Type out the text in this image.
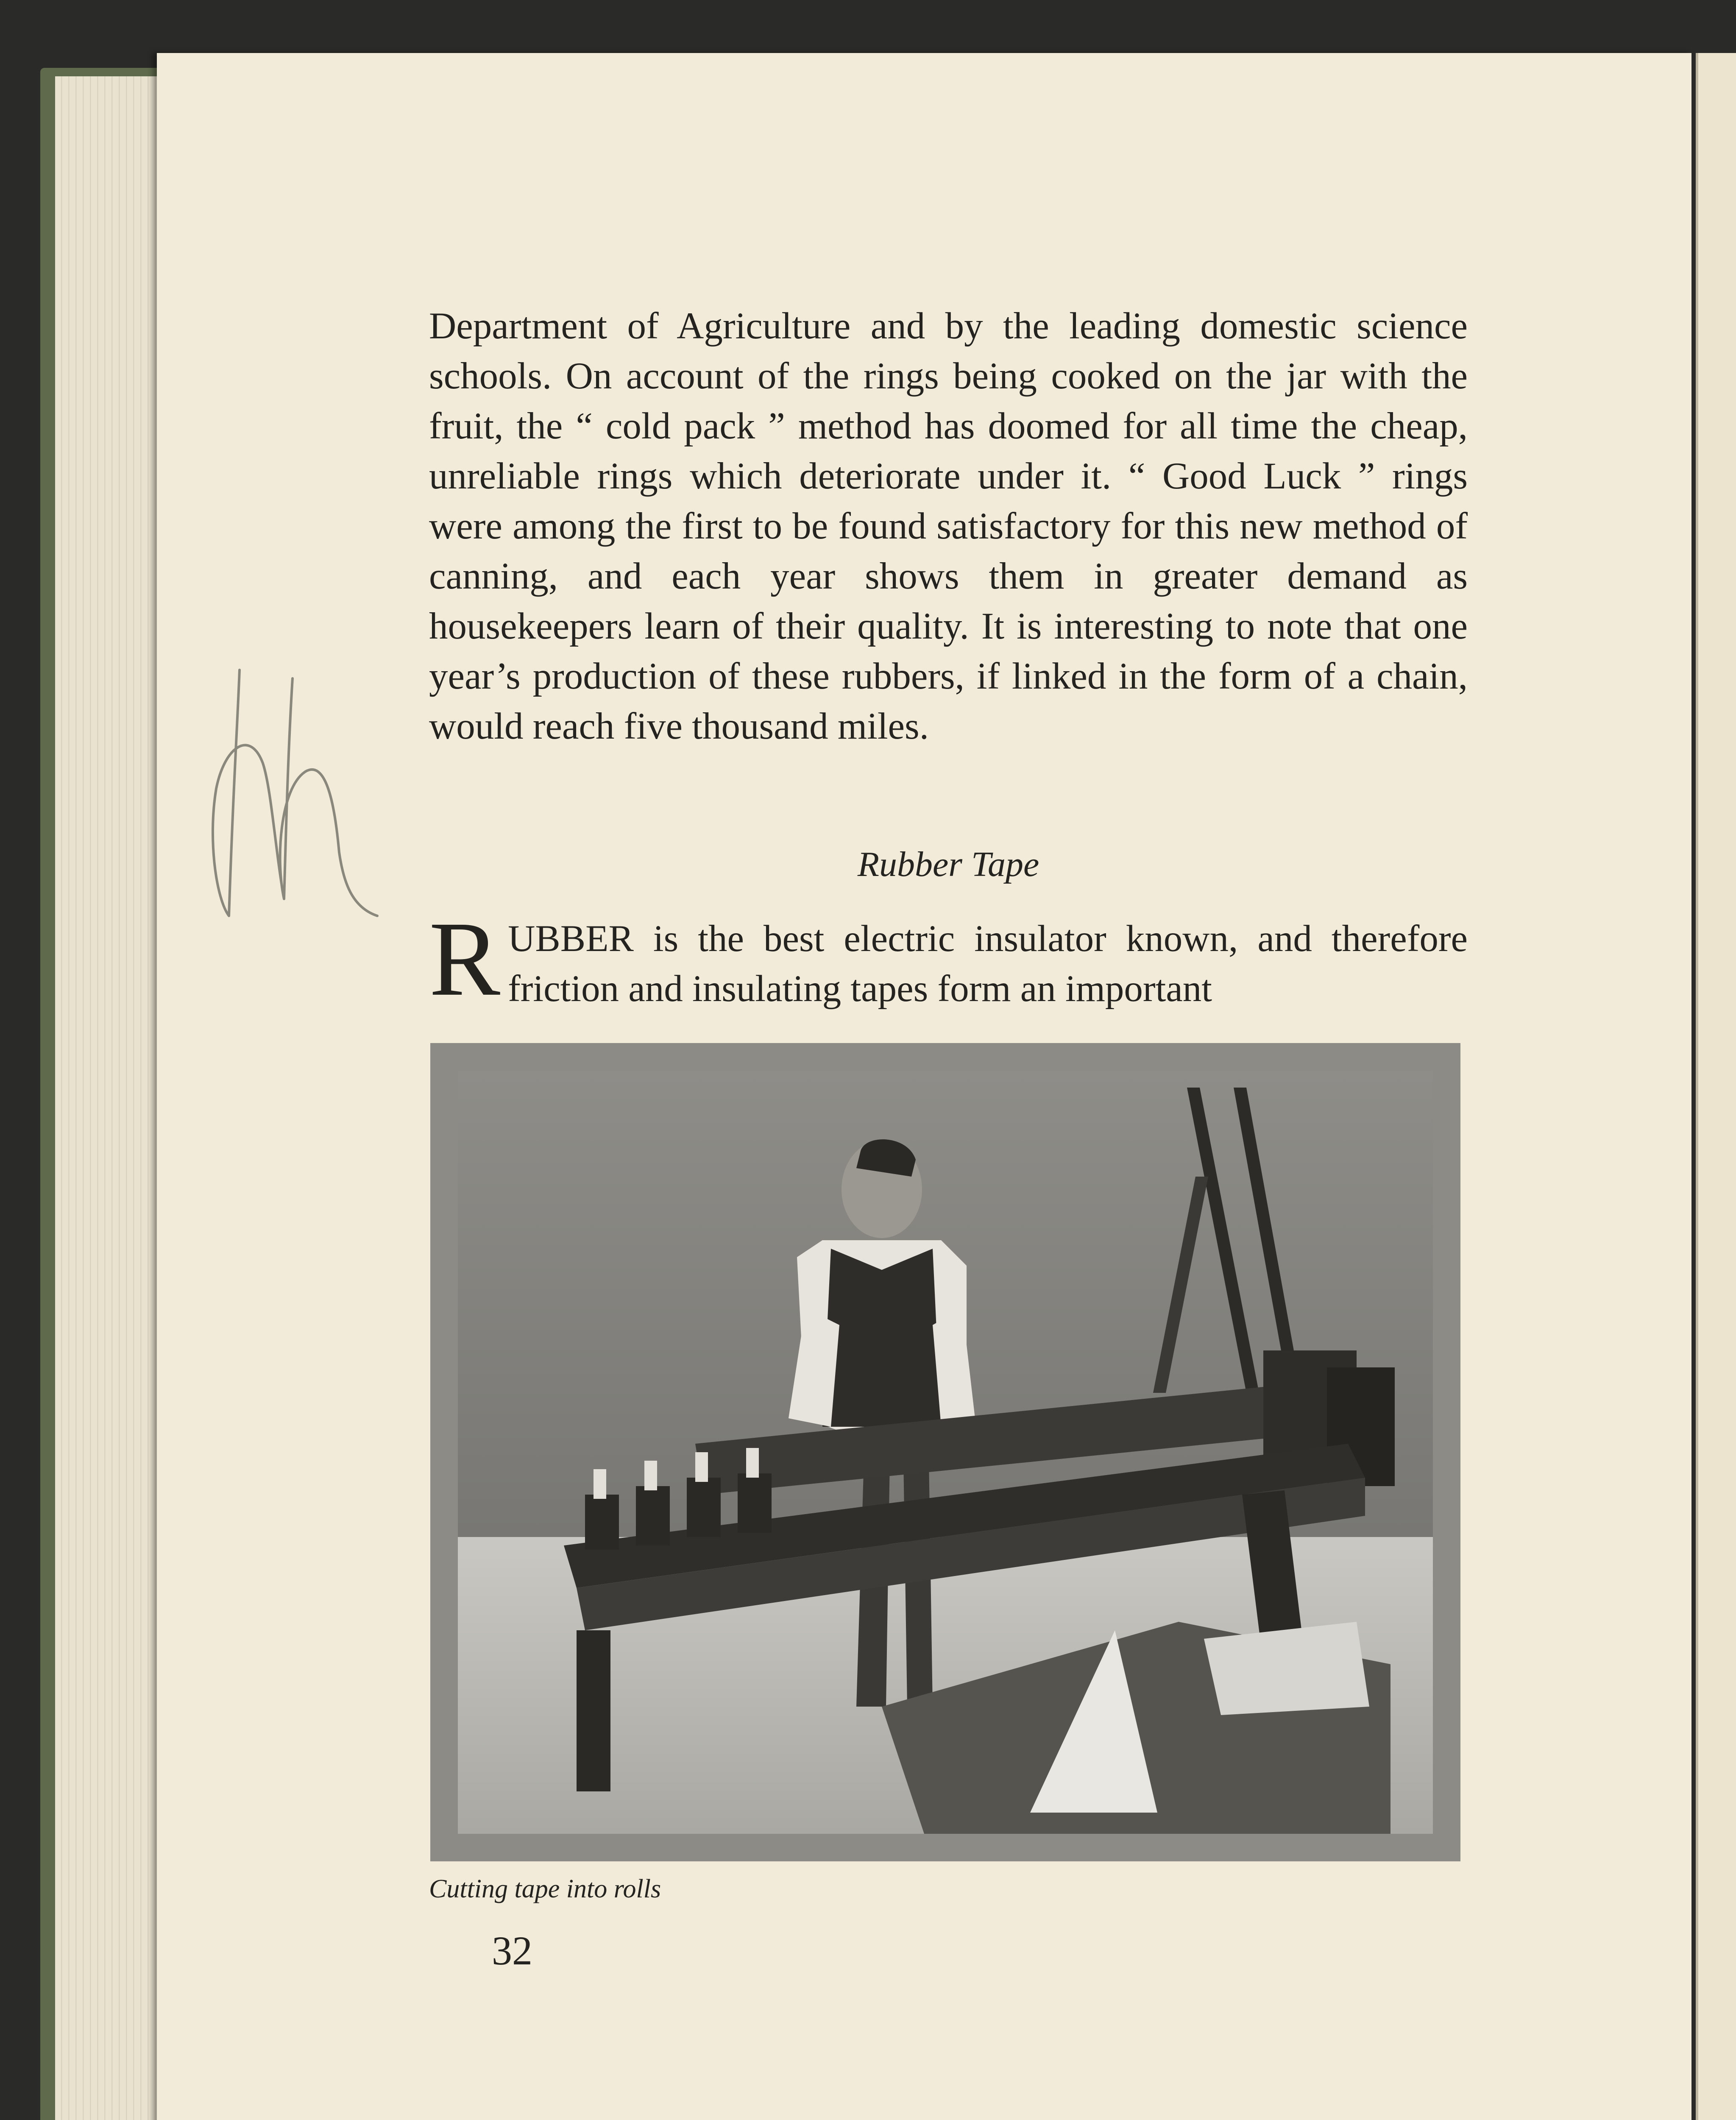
Department of Agriculture and by the leading domestic science schools. On account of the rings being cooked on the jar with the fruit, the “ cold pack ” method has doomed for all time the cheap, unreliable rings which deteriorate under it. “ Good Luck ” rings were among the first to be found satisfactory for this new method of canning, and each year shows them in greater demand as housekeepers learn of their quality. It is interesting to note that one year’s production of these rubbers, if linked in the form of a chain, would reach five thousand miles.

Rubber Tape
R UBBER is the best electric insulator known, and therefore friction and insulating tapes form an important
Cutting tape into rolls
32
